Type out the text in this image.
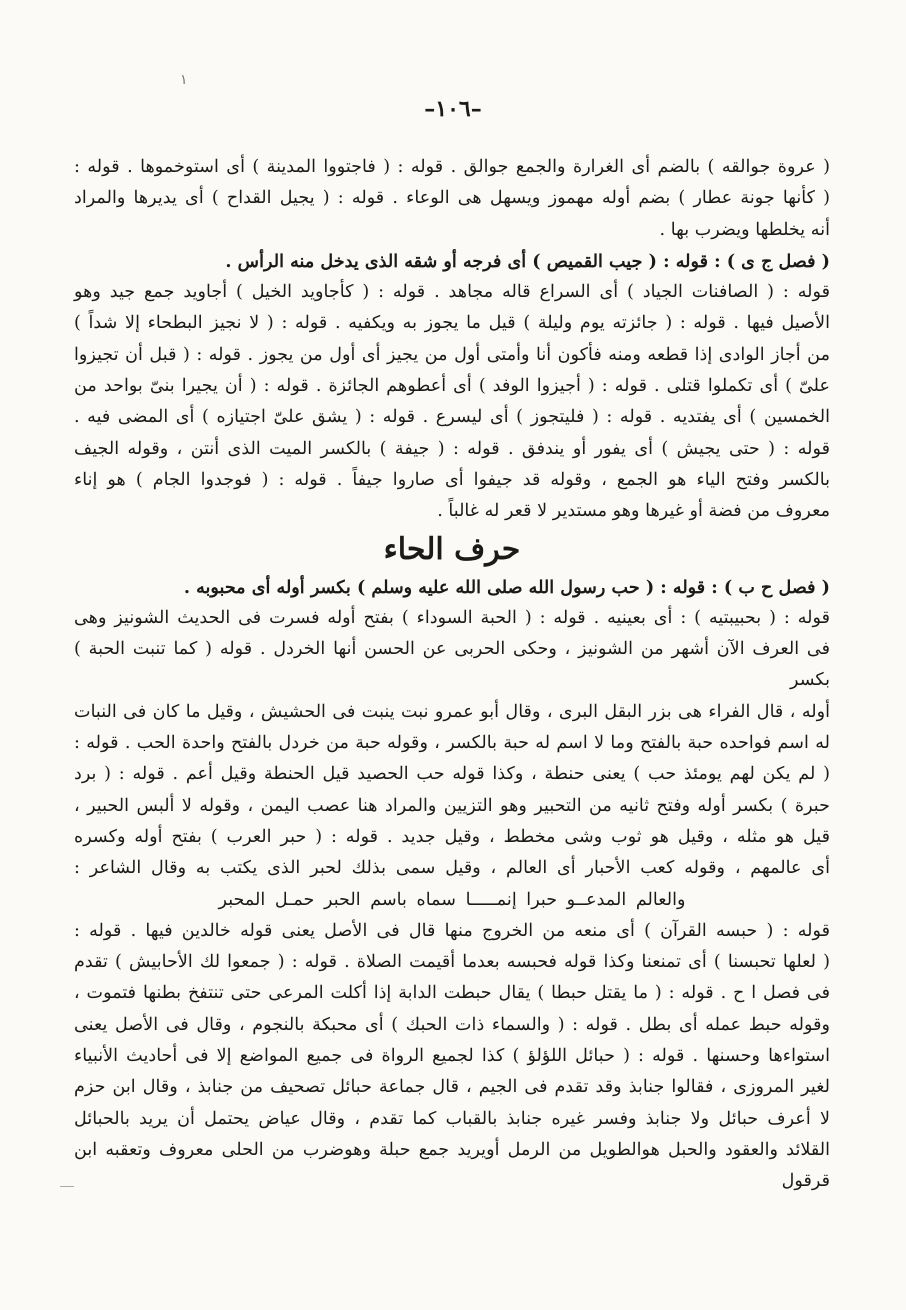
١
–١٠٦–

( عروة جوالقه ) بالضم أى الغرارة والجمع جوالق . قوله : ( فاجتووا المدينة ) أى استوخموها . قوله :

( كأنها جونة عطار ) بضم أوله مهموز ويسهل هى الوعاء . قوله : ( يجيل القداح ) أى يديرها والمراد

أنه يخلطها ويضرب بها .

( فصل ج ى ) : قوله : ( جيب القميص ) أى فرجه أو شقه الذى يدخل منه الرأس .

قوله : ( الصافنات الجياد ) أى السراع قاله مجاهد . قوله : ( كأجاويد الخيل ) أجاويد جمع جيد وهو

الأصيل فيها . قوله : ( جائزته يوم وليلة ) قيل ما يجوز به ويكفيه . قوله : ( لا نجيز البطحاء إلا شداً )

من أجاز الوادى إذا قطعه ومنه فأكون أنا وأمتى أول من يجيز أى أول من يجوز . قوله : ( قبل أن تجيزوا

علىّ ) أى تكملوا قتلى . قوله : ( أجيزوا الوفد ) أى أعطوهم الجائزة . قوله : ( أن يجيرا بنىّ بواحد من

الخمسين ) أى يفتديه . قوله : ( فليتجوز ) أى ليسرع . قوله : ( يشق علىّ اجتيازه ) أى المضى فيه .

قوله : ( حتى يجيش ) أى يفور أو يندفق . قوله : ( جيفة ) بالكسر الميت الذى أنتن ، وقوله الجيف

بالكسر وفتح الياء هو الجمع ، وقوله قد جيفوا أى صاروا جيفاً . قوله : ( فوجدوا الجام ) هو إناء

معروف من فضة أو غيرها وهو مستدير لا قعر له غالباً .

حرف الحاء

( فصل ح ب ) : قوله : ( حب رسول الله صلى الله عليه وسلم ) بكسر أوله أى محبوبه .

قوله : ( بحبيبتيه ) : أى بعينيه . قوله : ( الحبة السوداء ) بفتح أوله فسرت فى الحديث الشونيز وهى

فى العرف الآن أشهر من الشونيز ، وحكى الحربى عن الحسن أنها الخردل . قوله ( كما تنبت الحبة ) بكسر

أوله ، قال الفراء هى بزر البقل البرى ، وقال أبو عمرو نبت ينبت فى الحشيش ، وقيل ما كان فى النبات

له اسم فواحده حبة بالفتح وما لا اسم له حبة بالكسر ، وقوله حبة من خردل بالفتح واحدة الحب . قوله :

( لم يكن لهم يومئذ حب ) يعنى حنطة ، وكذا قوله حب الحصيد قيل الحنطة وقيل أعم . قوله : ( برد

حبرة ) بكسر أوله وفتح ثانيه من التحبير وهو التزيين والمراد هنا عصب اليمن ، وقوله لا ألبس الحبير ،

قيل هو مثله ، وقيل هو ثوب وشى مخطط ، وقيل جديد . قوله : ( حبر العرب ) بفتح أوله وكسره

أى عالمهم ، وقوله كعب الأحبار أى العالم ، وقيل سمى بذلك لحبر الذى يكتب به وقال الشاعر :

والعالم المدعــو حبرا إنمـــــا سماه باسم الحبر حمـل المحبر

قوله : ( حبسه القرآن ) أى منعه من الخروج منها قال فى الأصل يعنى قوله خالدين فيها . قوله :

( لعلها تحبسنا ) أى تمنعنا وكذا قوله فحبسه بعدما أقيمت الصلاة . قوله : ( جمعوا لك الأحابيش ) تقدم

فى فصل ا ح . قوله : ( ما يقتل حبطا ) يقال حبطت الدابة إذا أكلت المرعى حتى تنتفخ بطنها فتموت ،

وقوله حبط عمله أى بطل . قوله : ( والسماء ذات الحبك ) أى محبكة بالنجوم ، وقال فى الأصل يعنى

استواءها وحسنها . قوله : ( حبائل اللؤلؤ ) كذا لجميع الرواة فى جميع المواضع إلا فى أحاديث الأنبياء

لغير المروزى ، فقالوا جنابذ وقد تقدم فى الجيم ، قال جماعة حبائل تصحيف من جنابذ ، وقال ابن حزم

لا أعرف حبائل ولا جنابذ وفسر غيره جنابذ بالقباب كما تقدم ، وقال عياض يحتمل أن يريد بالحبائل

القلائد والعقود والحبل هوالطويل من الرمل أويريد جمع حبلة وهوضرب من الحلى معروف وتعقبه ابن قرقول
